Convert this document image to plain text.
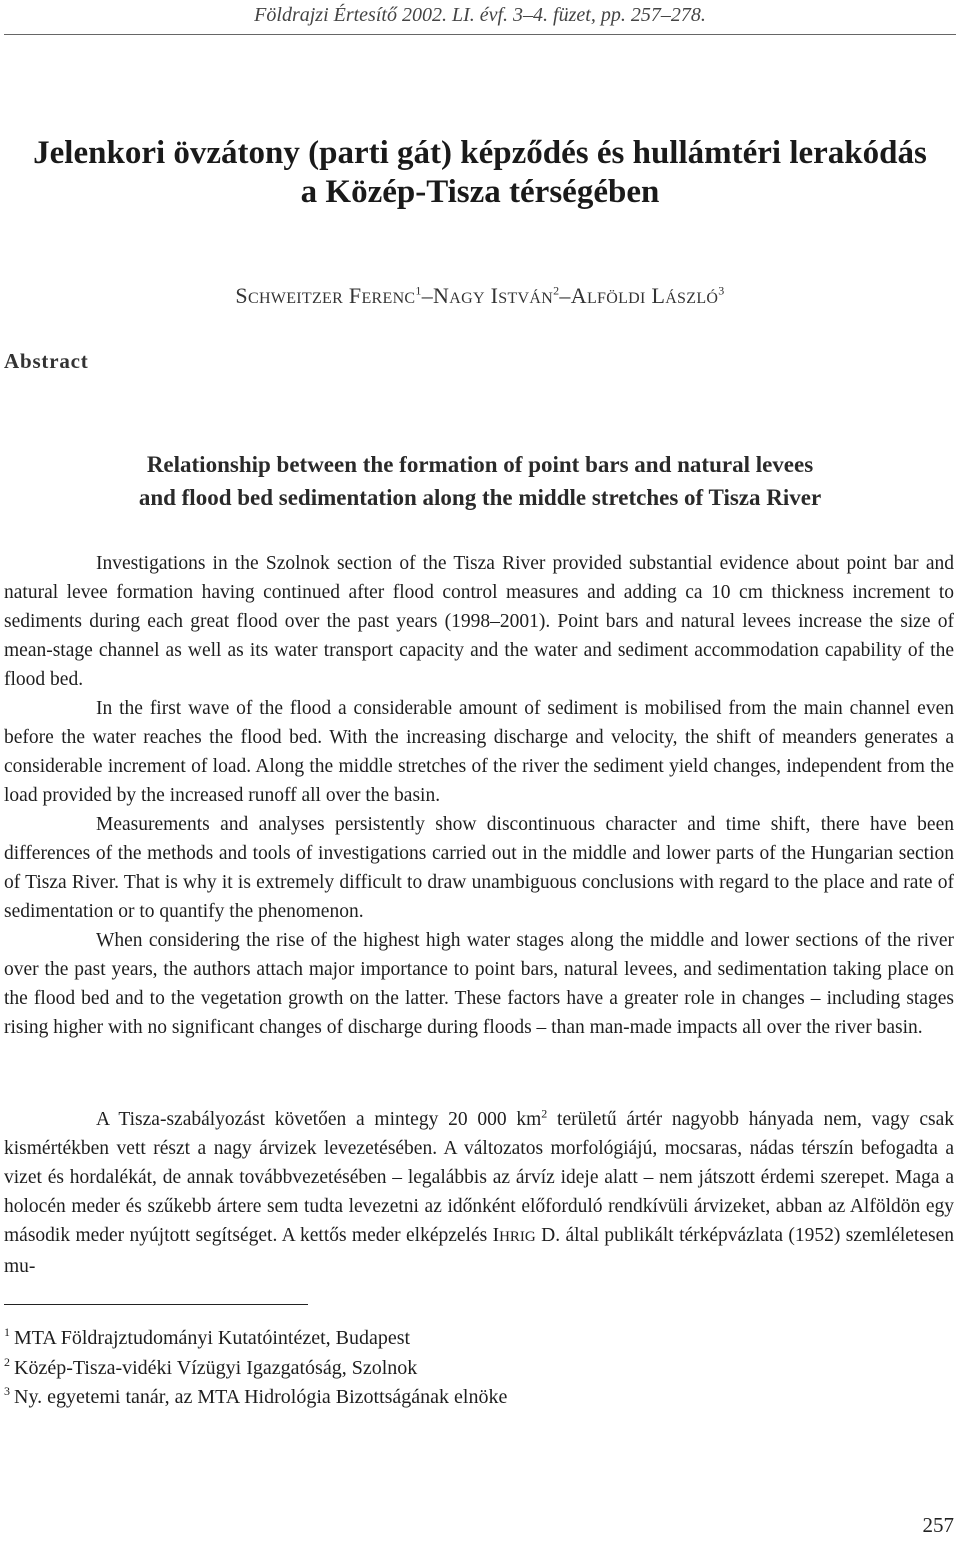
Földrajzi Értesítő 2002. LI. évf. 3–4. füzet, pp. 257–278.
Jelenkori övzátony (parti gát) képződés és hullámtéri lerakódás
a Közép-Tisza térségében
SCHWEITZER FERENC$^1$–NAGY ISTVÁN$^2$–ALFÖLDI LÁSZLÓ$^3$
Abstract
Relationship between the formation of point bars and natural levees
and flood bed sedimentation along the middle stretches of Tisza River

Investigations in the Szolnok section of the Tisza River provided substantial evidence about point bar and natural levee formation having continued after flood control measures and adding ca 10 cm thickness increment to sediments during each great flood over the past years (1998–2001). Point bars and natural levees increase the size of mean-stage channel as well as its water transport capacity and the water and sediment accommodation capability of the flood bed.

In the first wave of the flood a considerable amount of sediment is mobilised from the main channel even before the water reaches the flood bed. With the increasing discharge and velocity, the shift of meanders generates a considerable increment of load. Along the middle stretches of the river the sediment yield changes, independent from the load provided by the increased runoff all over the basin.

Measurements and analyses persistently show discontinuous character and time shift, there have been differences of the methods and tools of investigations carried out in the middle and lower parts of the Hungarian section of Tisza River. That is why it is extremely difficult to draw unambiguous conclusions with regard to the place and rate of sedimentation or to quantify the phenomenon.

When considering the rise of the highest high water stages along the middle and lower sections of the river over the past years, the authors attach major importance to point bars, natural levees, and sedimentation taking place on the flood bed and to the vegetation growth on the latter. These factors have a greater role in changes – including stages rising higher with no significant changes of discharge during floods – than man-made impacts all over the river basin.

A Tisza-szabályozást követően a mintegy 20 000 $km^2$ területű ártér nagyobb hányada nem, vagy csak kismértékben vett részt a nagy árvizek levezetésében. A változatos morfológiájú, mocsaras, nádas térszín befogadta a vizet és hordalékát, de annak továbbvezetésében – legalábbis az árvíz ideje alatt – nem játszott érdemi szerepet. Maga a holocén meder és szűkebb ártere sem tudta levezetni az időnként előforduló rendkívüli árvizeket, abban az Alföldön egy második meder nyújtott segítséget. A kettős meder elképzelés IHRIG D. által publikált térképvázlata (1952) szemléletesen mu-

$^1$ MTA Földrajztudományi Kutatóintézet, Budapest
$^2$ Közép-Tisza-vidéki Vízügyi Igazgatóság, Szolnok
$^3$ Ny. egyetemi tanár, az MTA Hidrológia Bizottságának elnöke
257
